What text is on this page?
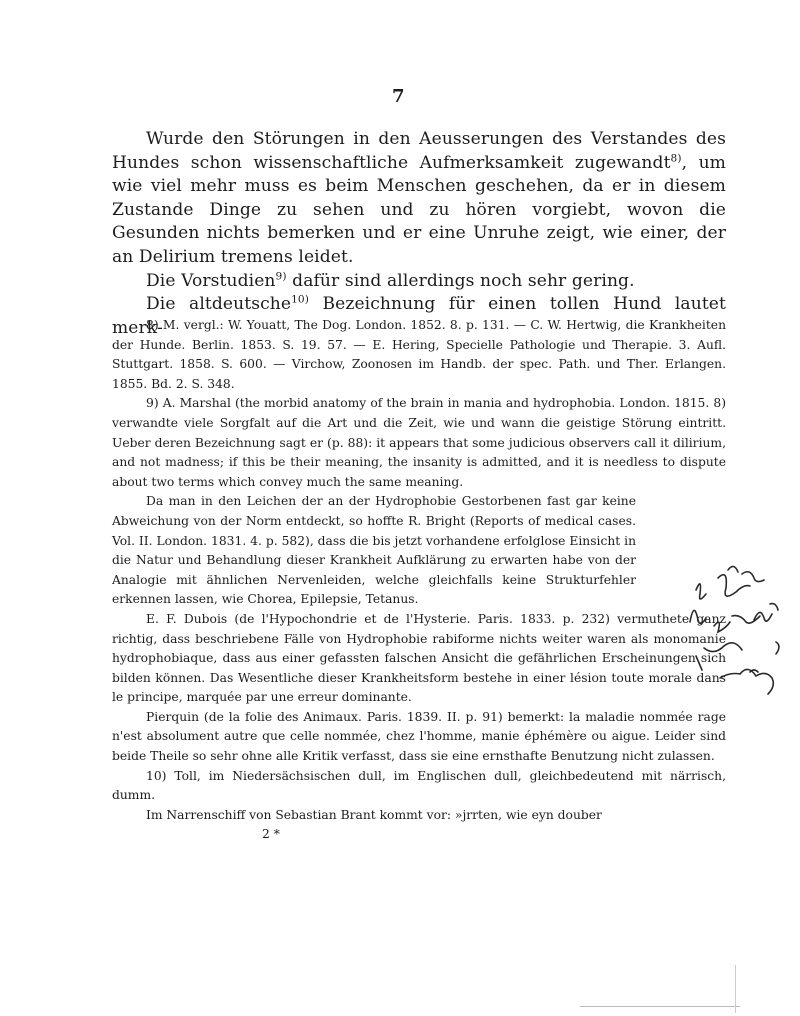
7

Wurde den Störungen in den Aeusserungen des Verstandes des Hundes schon wissenschaftliche Aufmerksamkeit zugewandt$^{8)}$, um wie viel mehr muss es beim Menschen geschehen, da er in diesem Zustande Dinge zu sehen und zu hören vorgiebt, wovon die Gesunden nichts bemerken und er eine Unruhe zeigt, wie einer, der an Delirium tremens leidet.

Die Vorstudien$^{9)}$ dafür sind allerdings noch sehr gering.

Die altdeutsche$^{10)}$ Bezeichnung für einen tollen Hund lautet merk-

8) M. vergl.: W. Youatt, The Dog. London. 1852. 8. p. 131. — C. W. Hertwig, die Krankheiten der Hunde. Berlin. 1853. S. 19. 57. — E. Hering, Specielle Pathologie und Therapie. 3. Aufl. Stuttgart. 1858. S. 600. — Virchow, Zoonosen im Handb. der spec. Path. und Ther. Erlangen. 1855. Bd. 2. S. 348.

9) A. Marshal (the morbid anatomy of the brain in mania and hydrophobia. London. 1815. 8) verwandte viele Sorgfalt auf die Art und die Zeit, wie und wann die geistige Störung eintritt. Ueber deren Bezeichnung sagt er (p. 88): it appears that some judicious observers call it dilirium, and not madness; if this be their meaning, the insanity is admitted, and it is needless to dispute about two terms which convey much the same meaning.

Da man in den Leichen der an der Hydrophobie Gestorbenen fast gar keine Abweichung von der Norm entdeckt, so hoffte R. Bright (Reports of medical cases. Vol. II. London. 1831. 4. p. 582), dass die bis jetzt vorhandene erfolglose Einsicht in die Natur und Behandlung dieser Krankheit Aufklärung zu erwarten habe von der Analogie mit ähnlichen Nervenleiden, welche gleichfalls keine Strukturfehler erkennen lassen, wie Chorea, Epilepsie, Tetanus.

E. F. Dubois (de l'Hypochondrie et de l'Hysterie. Paris. 1833. p. 232) vermuthete ganz richtig, dass beschriebene Fälle von Hydrophobie rabiforme nichts weiter waren als monomanie hydrophobiaque, dass aus einer gefassten falschen Ansicht die gefährlichen Erscheinungen sich bilden können. Das Wesentliche dieser Krankheitsform bestehe in einer lésion toute morale dans le principe, marquée par une erreur dominante.

Pierquin (de la folie des Animaux. Paris. 1839. II. p. 91) bemerkt: la maladie nommée rage n'est absolument autre que celle nommée, chez l'homme, manie éphémère ou aigue. Leider sind beide Theile so sehr ohne alle Kritik verfasst, dass sie eine ernsthafte Benutzung nicht zulassen.

10) Toll, im Niedersächsischen dull, im Englischen dull, gleichbedeutend mit närrisch, dumm.

Im Narrenschiff von Sebastian Brant kommt vor: »jrrten, wie eyn douber

2 *
